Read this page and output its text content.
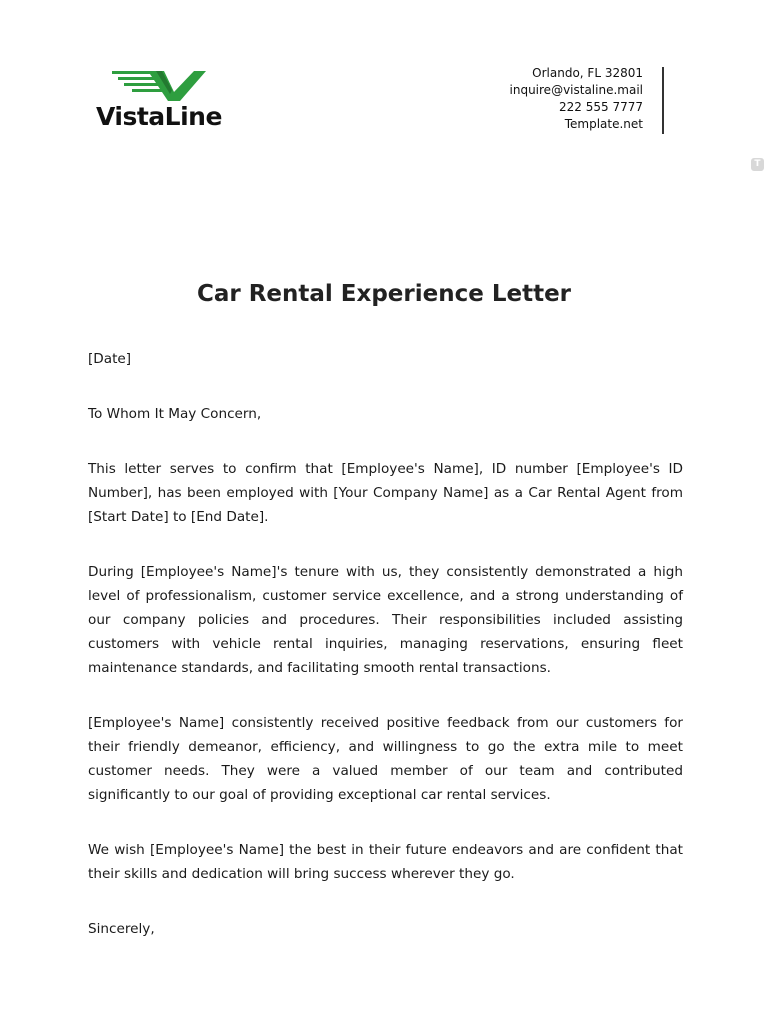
VistaLine
Orlando, FL 32801
inquire@vistaline.mail
222 555 7777
Template.net
T
Car Rental Experience Letter

[Date]

To Whom It May Concern,

This letter serves to confirm that [Employee's Name], ID number [Employee's ID Number], has been employed with [Your Company Name] as a Car Rental Agent from [Start Date] to [End Date].

During [Employee's Name]'s tenure with us, they consistently demonstrated a high level of professionalism, customer service excellence, and a strong understanding of our company policies and procedures. Their responsibilities included assisting customers with vehicle rental inquiries, managing reservations, ensuring fleet maintenance standards, and facilitating smooth rental transactions.

[Employee's Name] consistently received positive feedback from our customers for their friendly demeanor, efficiency, and willingness to go the extra mile to meet customer needs. They were a valued member of our team and contributed significantly to our goal of providing exceptional car rental services.

We wish [Employee's Name] the best in their future endeavors and are confident that their skills and dedication will bring success wherever they go.

Sincerely,
